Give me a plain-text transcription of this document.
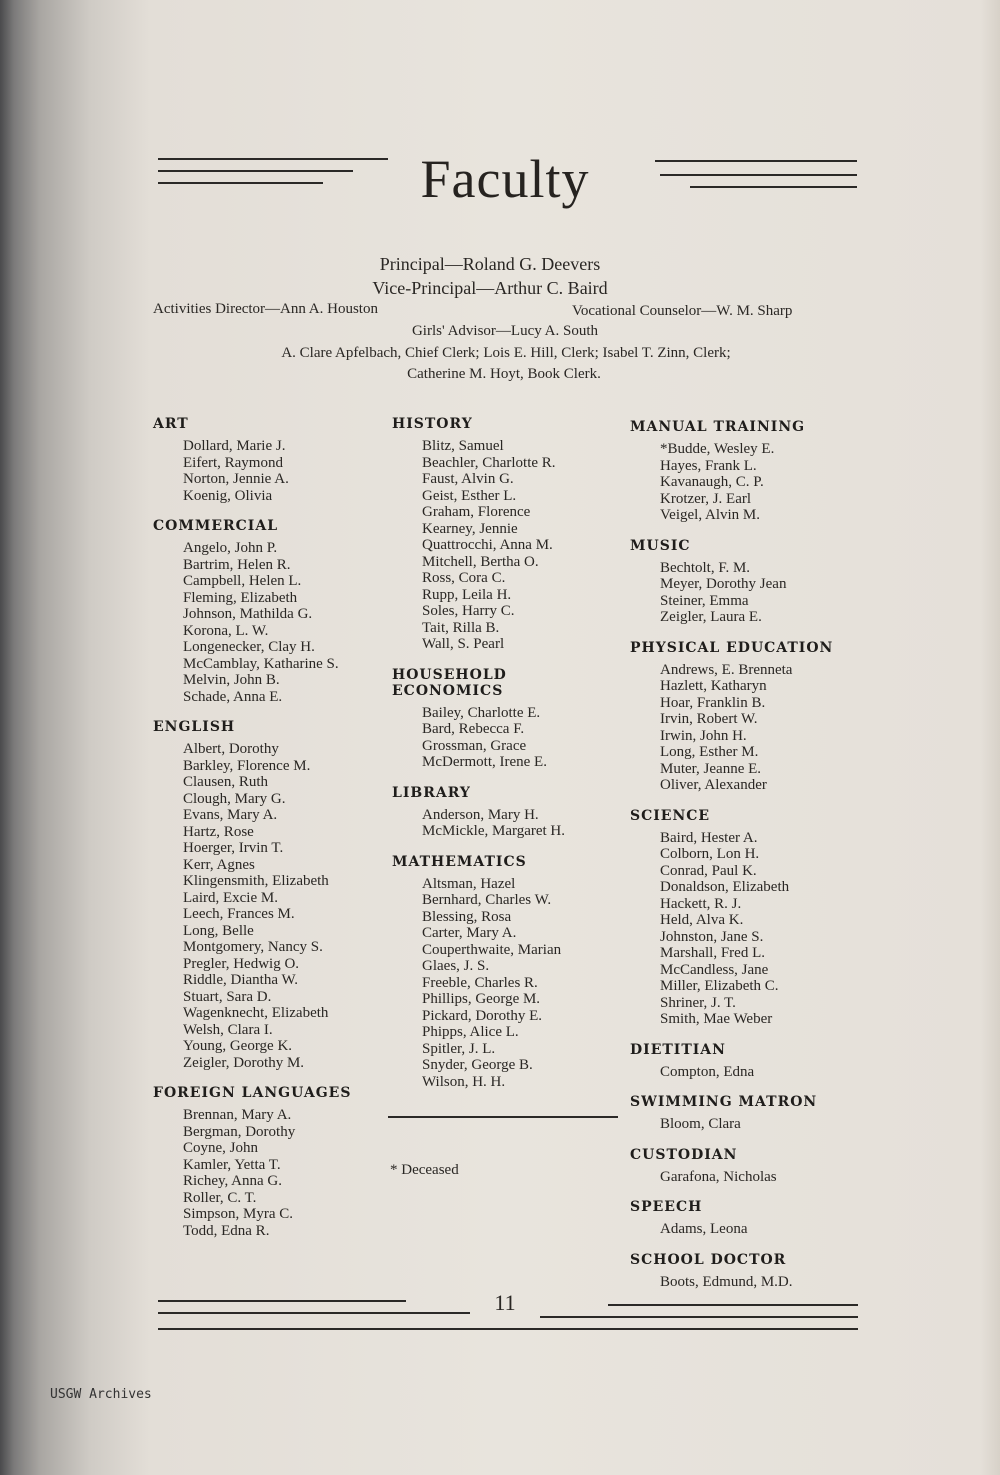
Faculty
Principal—Roland G. Deevers
Vice-Principal—Arthur C. Baird
Activities Director—Ann A. Houston	Vocational Counselor—W. M. Sharp
Girls' Advisor—Lucy A. South
A. Clare Apfelbach, Chief Clerk; Lois E. Hill, Clerk; Isabel T. Zinn, Clerk;
Catherine M. Hoyt, Book Clerk.
ART
Dollard, Marie J.
Eifert, Raymond
Norton, Jennie A.
Koenig, Olivia
COMMERCIAL
Angelo, John P.
Bartrim, Helen R.
Campbell, Helen L.
Fleming, Elizabeth
Johnson, Mathilda G.
Korona, L. W.
Longenecker, Clay H.
McCamblay, Katharine S.
Melvin, John B.
Schade, Anna E.
ENGLISH
Albert, Dorothy
Barkley, Florence M.
Clausen, Ruth
Clough, Mary G.
Evans, Mary A.
Hartz, Rose
Hoerger, Irvin T.
Kerr, Agnes
Klingensmith, Elizabeth
Laird, Excie M.
Leech, Frances M.
Long, Belle
Montgomery, Nancy S.
Pregler, Hedwig O.
Riddle, Diantha W.
Stuart, Sara D.
Wagenknecht, Elizabeth
Welsh, Clara I.
Young, George K.
Zeigler, Dorothy M.
FOREIGN LANGUAGES
Brennan, Mary A.
Bergman, Dorothy
Coyne, John
Kamler, Yetta T.
Richey, Anna G.
Roller, C. T.
Simpson, Myra C.
Todd, Edna R.
HISTORY
Blitz, Samuel
Beachler, Charlotte R.
Faust, Alvin G.
Geist, Esther L.
Graham, Florence
Kearney, Jennie
Quattrocchi, Anna M.
Mitchell, Bertha O.
Ross, Cora C.
Rupp, Leila H.
Soles, Harry C.
Tait, Rilla B.
Wall, S. Pearl
HOUSEHOLD ECONOMICS
Bailey, Charlotte E.
Bard, Rebecca F.
Grossman, Grace
McDermott, Irene E.
LIBRARY
Anderson, Mary H.
McMickle, Margaret H.
MATHEMATICS
Altsman, Hazel
Bernhard, Charles W.
Blessing, Rosa
Carter, Mary A.
Couperthwaite, Marian
Glaes, J. S.
Freeble, Charles R.
Phillips, George M.
Pickard, Dorothy E.
Phipps, Alice L.
Spitler, J. L.
Snyder, George B.
Wilson, H. H.
* Deceased
MANUAL TRAINING
*Budde, Wesley E.
Hayes, Frank L.
Kavanaugh, C. P.
Krotzer, J. Earl
Veigel, Alvin M.
MUSIC
Bechtolt, F. M.
Meyer, Dorothy Jean
Steiner, Emma
Zeigler, Laura E.
PHYSICAL EDUCATION
Andrews, E. Brenneta
Hazlett, Katharyn
Hoar, Franklin B.
Irvin, Robert W.
Irwin, John H.
Long, Esther M.
Muter, Jeanne E.
Oliver, Alexander
SCIENCE
Baird, Hester A.
Colborn, Lon H.
Conrad, Paul K.
Donaldson, Elizabeth
Hackett, R. J.
Held, Alva K.
Johnston, Jane S.
Marshall, Fred L.
McCandless, Jane
Miller, Elizabeth C.
Shriner, J. T.
Smith, Mae Weber
DIETITIAN
Compton, Edna
SWIMMING MATRON
Bloom, Clara
CUSTODIAN
Garafona, Nicholas
SPEECH
Adams, Leona
SCHOOL DOCTOR
Boots, Edmund, M.D.
11
USGW Archives
